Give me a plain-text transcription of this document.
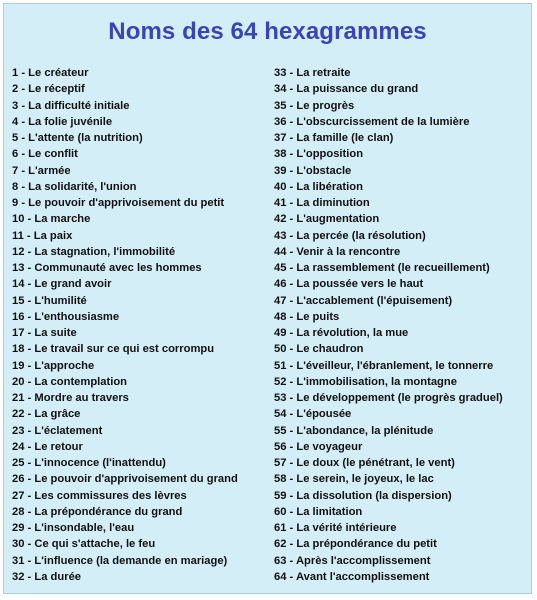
Noms des 64 hexagrammes
1 - Le créateur
2 - Le réceptif
3 - La difficulté initiale
4 - La folie juvénile
5 - L'attente (la nutrition)
6 - Le conflit
7 - L'armée
8 - La solidarité, l'union
9 - Le pouvoir d'apprivoisement du petit
10 - La marche
11 - La paix
12 - La stagnation, l'immobilité
13 - Communauté avec les hommes
14 - Le grand avoir
15 - L'humilité
16 - L'enthousiasme
17 - La suite
18 - Le travail sur ce qui est corrompu
19 - L'approche
20 - La contemplation
21 - Mordre au travers
22 - La grâce
23 - L'éclatement
24 - Le retour
25 - L'innocence (l'inattendu)
26 - Le pouvoir d'apprivoisement du grand
27 - Les commissures des lèvres
28 - La prépondérance du grand
29 - L'insondable, l'eau
30 - Ce qui s'attache, le feu
31 - L'influence (la demande en mariage)
32 - La durée
33 - La retraite
34 - La puissance du grand
35 - Le progrès
36 - L'obscurcissement de la lumière
37 - La famille (le clan)
38 - L'opposition
39 - L'obstacle
40 - La libération
41 - La diminution
42 - L'augmentation
43 - La percée (la résolution)
44 - Venir à la rencontre
45 - La rassemblement (le recueillement)
46 - La poussée vers le haut
47 - L'accablement (l'épuisement)
48 - Le puits
49 - La révolution, la mue
50 - Le chaudron
51 - L'éveilleur, l'ébranlement, le tonnerre
52 - L'immobilisation, la montagne
53 - Le développement (le progrès graduel)
54 - L'épousée
55 - L'abondance, la plénitude
56 - Le voyageur
57 - Le doux (le pénétrant, le vent)
58 - Le serein, le joyeux, le lac
59 - La dissolution (la dispersion)
60 - La limitation
61 - La vérité intérieure
62 - La prépondérance du petit
63 - Après l'accomplissement
64 - Avant l'accomplissement
